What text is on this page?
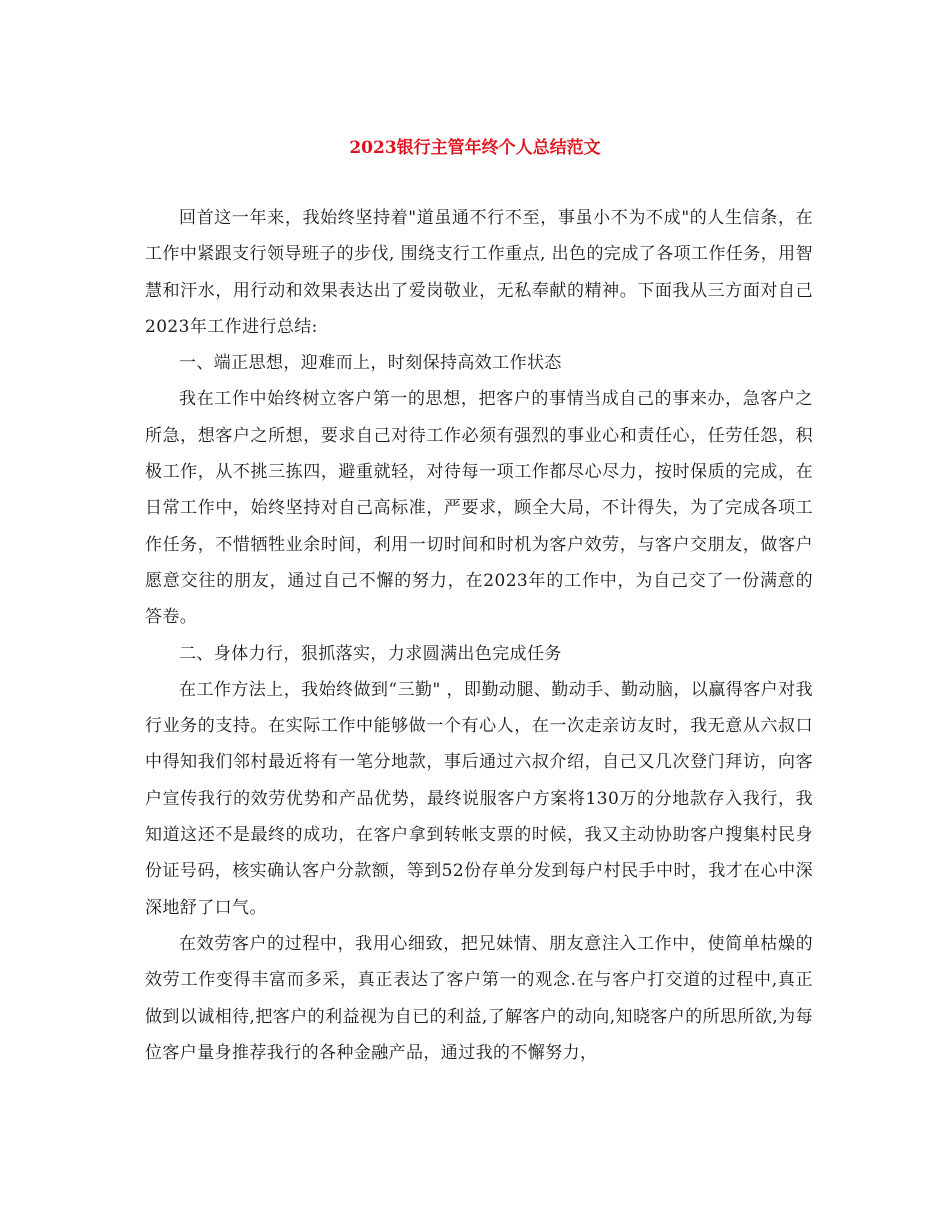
2023银行主管年终个人总结范文

回首这一年来，我始终坚持着"道虽通不行不至，事虽小不为不成"的人生信条，在工作中紧跟支行领导班子的步伐, 围绕支行工作重点, 出色的完成了各项工作任务，用智慧和汗水，用行动和效果表达出了爱岗敬业，无私奉献的精神。下面我从三方面对自己2023年工作进行总结:

一、端正思想，迎难而上，时刻保持高效工作状态

我在工作中始终树立客户第一的思想，把客户的事情当成自己的事来办，急客户之所急，想客户之所想，要求自己对待工作必须有强烈的事业心和责任心，任劳任怨，积极工作，从不挑三拣四，避重就轻，对待每一项工作都尽心尽力，按时保质的完成，在日常工作中，始终坚持对自己高标准，严要求，顾全大局，不计得失，为了完成各项工作任务，不惜牺牲业余时间，利用一切时间和时机为客户效劳，与客户交朋友，做客户愿意交往的朋友，通过自己不懈的努力，在2023年的工作中，为自己交了一份满意的答卷。

二、身体力行，狠抓落实，力求圆满出色完成任务

在工作方法上，我始终做到“三勤" ，即勤动腿、勤动手、勤动脑，以赢得客户对我行业务的支持。在实际工作中能够做一个有心人，在一次走亲访友时，我无意从六叔口中得知我们邻村最近将有一笔分地款，事后通过六叔介绍，自己又几次登门拜访，向客户宣传我行的效劳优势和产品优势，最终说服客户方案将130万的分地款存入我行，我知道这还不是最终的成功，在客户拿到转帐支票的时候，我又主动协助客户搜集村民身份证号码，核实确认客户分款额，等到52份存单分发到每户村民手中时，我才在心中深深地舒了口气。

在效劳客户的过程中，我用心细致，把兄妹情、朋友意注入工作中，使简单枯燥的效劳工作变得丰富而多采，真正表达了客户第一的观念.在与客户打交道的过程中,真正做到以诚相待,把客户的利益视为自已的利益,了解客户的动向,知晓客户的所思所欲,为每位客户量身推荐我行的各种金融产品，通过我的不懈努力，
